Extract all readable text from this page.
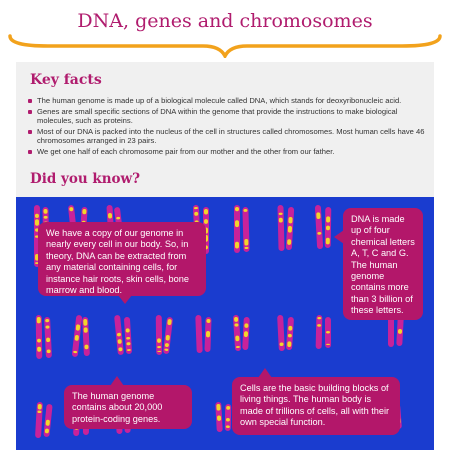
DNA, genes and chromosomes
Key facts
The human genome is made up of a biological molecule called DNA, which stands for deoxyribonucleic acid.
Genes are small specific sections of DNA within the genome that provide the instructions to make biological molecules, such as proteins.
Most of our DNA is packed into the nucleus of the cell in structures called chromosomes. Most human cells have 46 chromosomes arranged in 23 pairs.
We get one half of each chromosome pair from our mother and the other from our father.
Did you know?
We have a copy of our genome in nearly every cell in our body. So, in theory, DNA can be extracted from any material containing cells, for instance hair roots, skin cells, bone marrow and blood.
DNA is made up of four chemical letters A, T, C and G. The human genome contains more than 3 billion of these letters.
The human genome contains about 20,000 protein-coding genes.
Cells are the basic building blocks of living things. The human body is made of trillions of cells, all with their own special function.
